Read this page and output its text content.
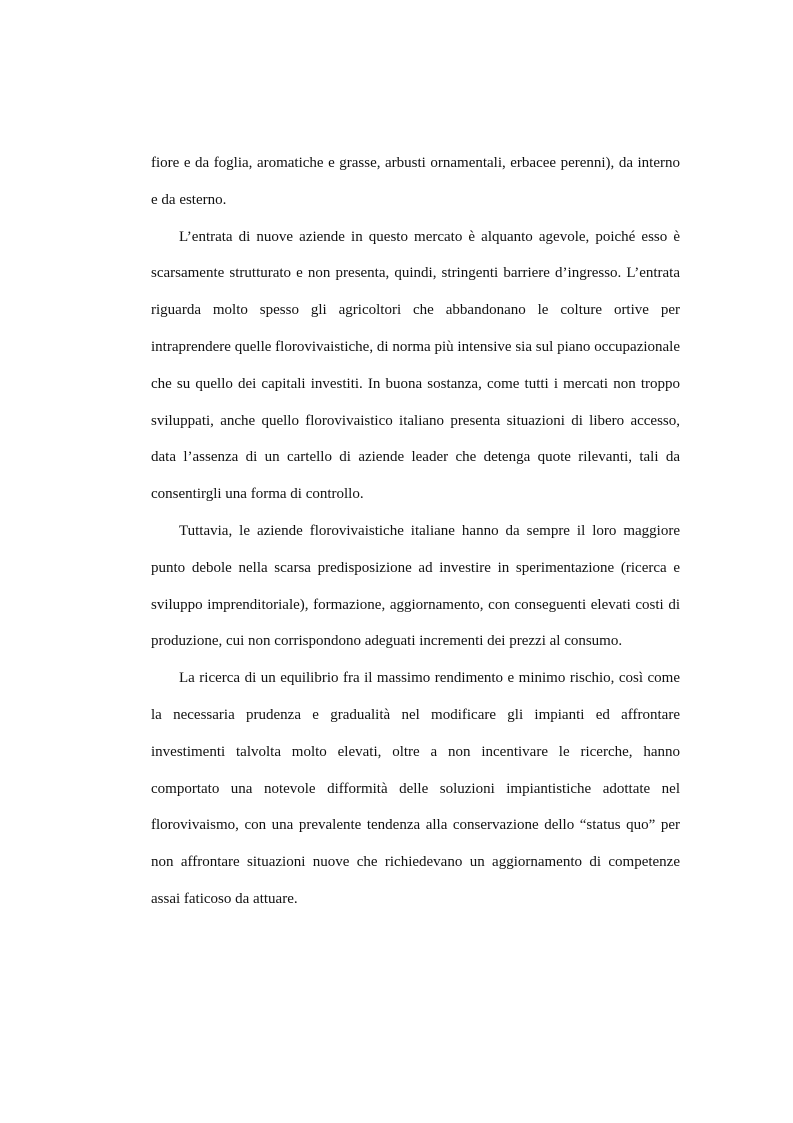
fiore e da foglia, aromatiche e grasse, arbusti ornamentali, erbacee perenni), da interno e da esterno.

L’entrata di nuove aziende in questo mercato è alquanto agevole, poiché esso è scarsamente strutturato e non presenta, quindi, stringenti barriere d’ingresso. L’entrata riguarda molto spesso gli agricoltori che abbandonano le colture ortive per intraprendere quelle florovivaistiche, di norma più intensive sia sul piano occupazionale che su quello dei capitali investiti. In buona sostanza, come tutti i mercati non troppo sviluppati, anche quello florovivaistico italiano presenta situazioni di libero accesso, data l’assenza di un cartello di aziende leader che detenga quote rilevanti, tali da consentirgli una forma di controllo.

Tuttavia, le aziende florovivaistiche italiane hanno da sempre il loro maggiore punto debole nella scarsa predisposizione ad investire in sperimentazione (ricerca e sviluppo imprenditoriale), formazione, aggiornamento, con conseguenti elevati costi di produzione, cui non corrispondono adeguati incrementi dei prezzi al consumo.

La ricerca di un equilibrio fra il massimo rendimento e minimo rischio, così come la necessaria prudenza e gradualità nel modificare gli impianti ed affrontare investimenti talvolta molto elevati, oltre a non incentivare le ricerche, hanno comportato una notevole difformità delle soluzioni impiantistiche adottate nel florovivaismo, con una prevalente tendenza alla conservazione dello “status quo” per non affrontare situazioni nuove che richiedevano un aggiornamento di competenze assai faticoso da attuare.
